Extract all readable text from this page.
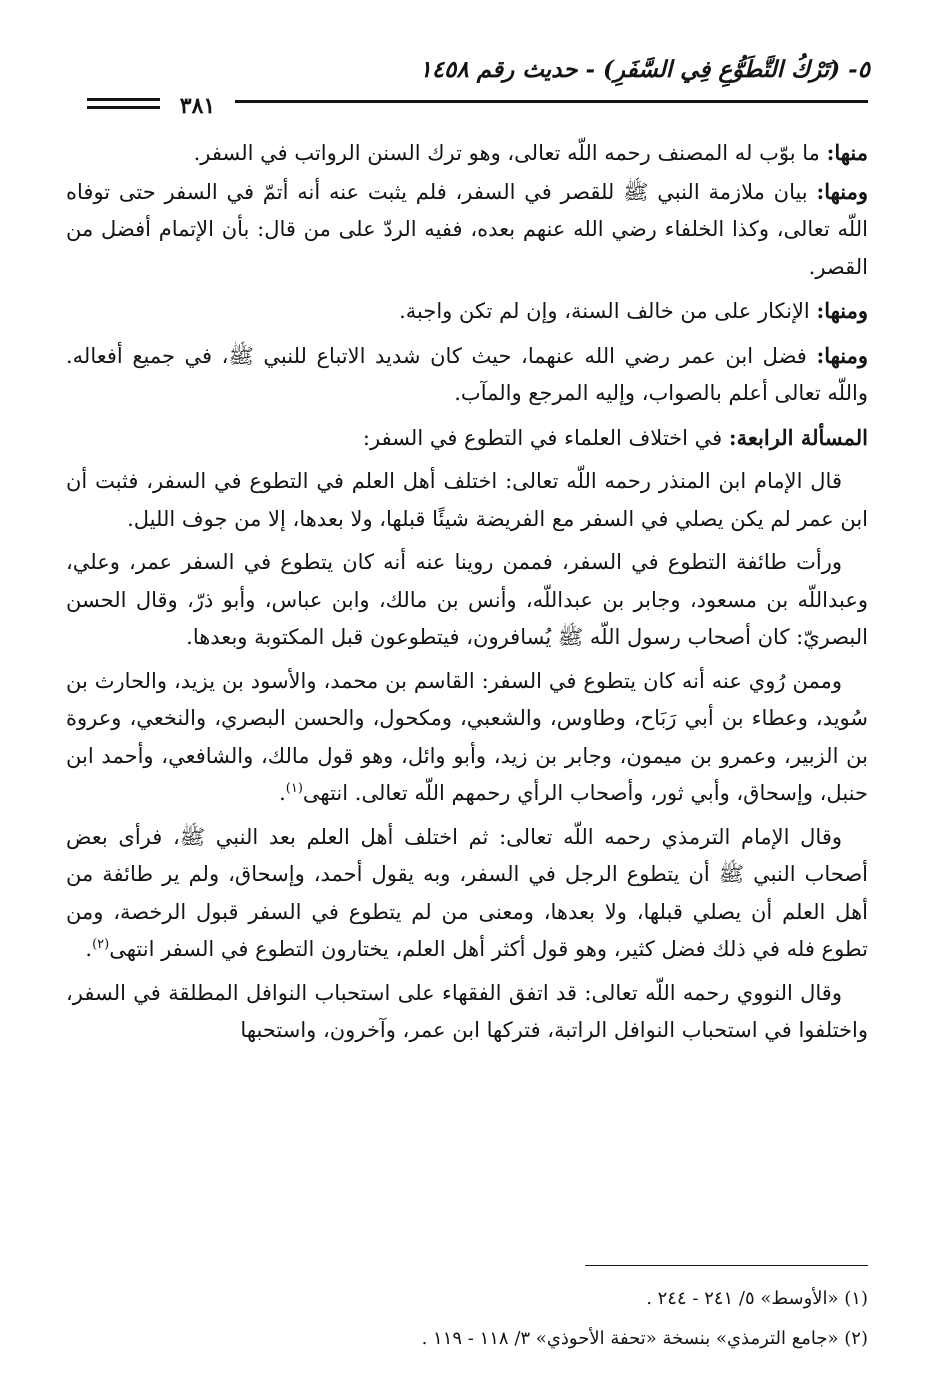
٥- (تَرْكُ التَّطَوُّعِ فِي السَّفَرِ) - حديث رقم ١٤٥٨
٣٨١

منها: ما بوّب له المصنف رحمه اللّه تعالى، وهو ترك السنن الرواتب في السفر.

ومنها: بيان ملازمة النبي ﷺ للقصر في السفر، فلم يثبت عنه أنه أتمّ في السفر حتى توفاه اللّه تعالى، وكذا الخلفاء رضي الله عنهم بعده، ففيه الردّ على من قال: بأن الإتمام أفضل من القصر.

ومنها: الإنكار على من خالف السنة، وإن لم تكن واجبة.

ومنها: فضل ابن عمر رضي الله عنهما، حيث كان شديد الاتباع للنبي ﷺ، في جميع أفعاله. واللّه تعالى أعلم بالصواب، وإليه المرجع والمآب.

المسألة الرابعة: في اختلاف العلماء في التطوع في السفر:

قال الإمام ابن المنذر رحمه اللّه تعالى: اختلف أهل العلم في التطوع في السفر، فثبت أن ابن عمر لم يكن يصلي في السفر مع الفريضة شيئًا قبلها، ولا بعدها، إلا من جوف الليل.

ورأت طائفة التطوع في السفر، فممن روينا عنه أنه كان يتطوع في السفر عمر، وعلي، وعبداللّه بن مسعود، وجابر بن عبداللّه، وأنس بن مالك، وابن عباس، وأبو ذرّ، وقال الحسن البصريّ: كان أصحاب رسول اللّه ﷺ يُسافرون، فيتطوعون قبل المكتوبة وبعدها.

وممن رُوي عنه أنه كان يتطوع في السفر: القاسم بن محمد، والأسود بن يزيد، والحارث بن سُويد، وعطاء بن أبي رَبَاح، وطاوس، والشعبي، ومكحول، والحسن البصري، والنخعي، وعروة بن الزبير، وعمرو بن ميمون، وجابر بن زيد، وأبو وائل، وهو قول مالك، والشافعي، وأحمد ابن حنبل، وإسحاق، وأبي ثور، وأصحاب الرأي رحمهم اللّه تعالى. انتهى$^{(١)}$.

وقال الإمام الترمذي رحمه اللّه تعالى: ثم اختلف أهل العلم بعد النبي ﷺ، فرأى بعض أصحاب النبي ﷺ أن يتطوع الرجل في السفر، وبه يقول أحمد، وإسحاق، ولم ير طائفة من أهل العلم أن يصلي قبلها، ولا بعدها، ومعنى من لم يتطوع في السفر قبول الرخصة، ومن تطوع فله في ذلك فضل كثير، وهو قول أكثر أهل العلم، يختارون التطوع في السفر انتهى$^{(٢)}$.

وقال النووي رحمه اللّه تعالى: قد اتفق الفقهاء على استحباب النوافل المطلقة في السفر، واختلفوا في استحباب النوافل الراتبة، فتركها ابن عمر، وآخرون، واستحبها

(١) «الأوسط» ٥/ ٢٤١ - ٢٤٤ .

(٢) «جامع الترمذي» بنسخة «تحفة الأحوذي» ٣/ ١١٨ - ١١٩ .
